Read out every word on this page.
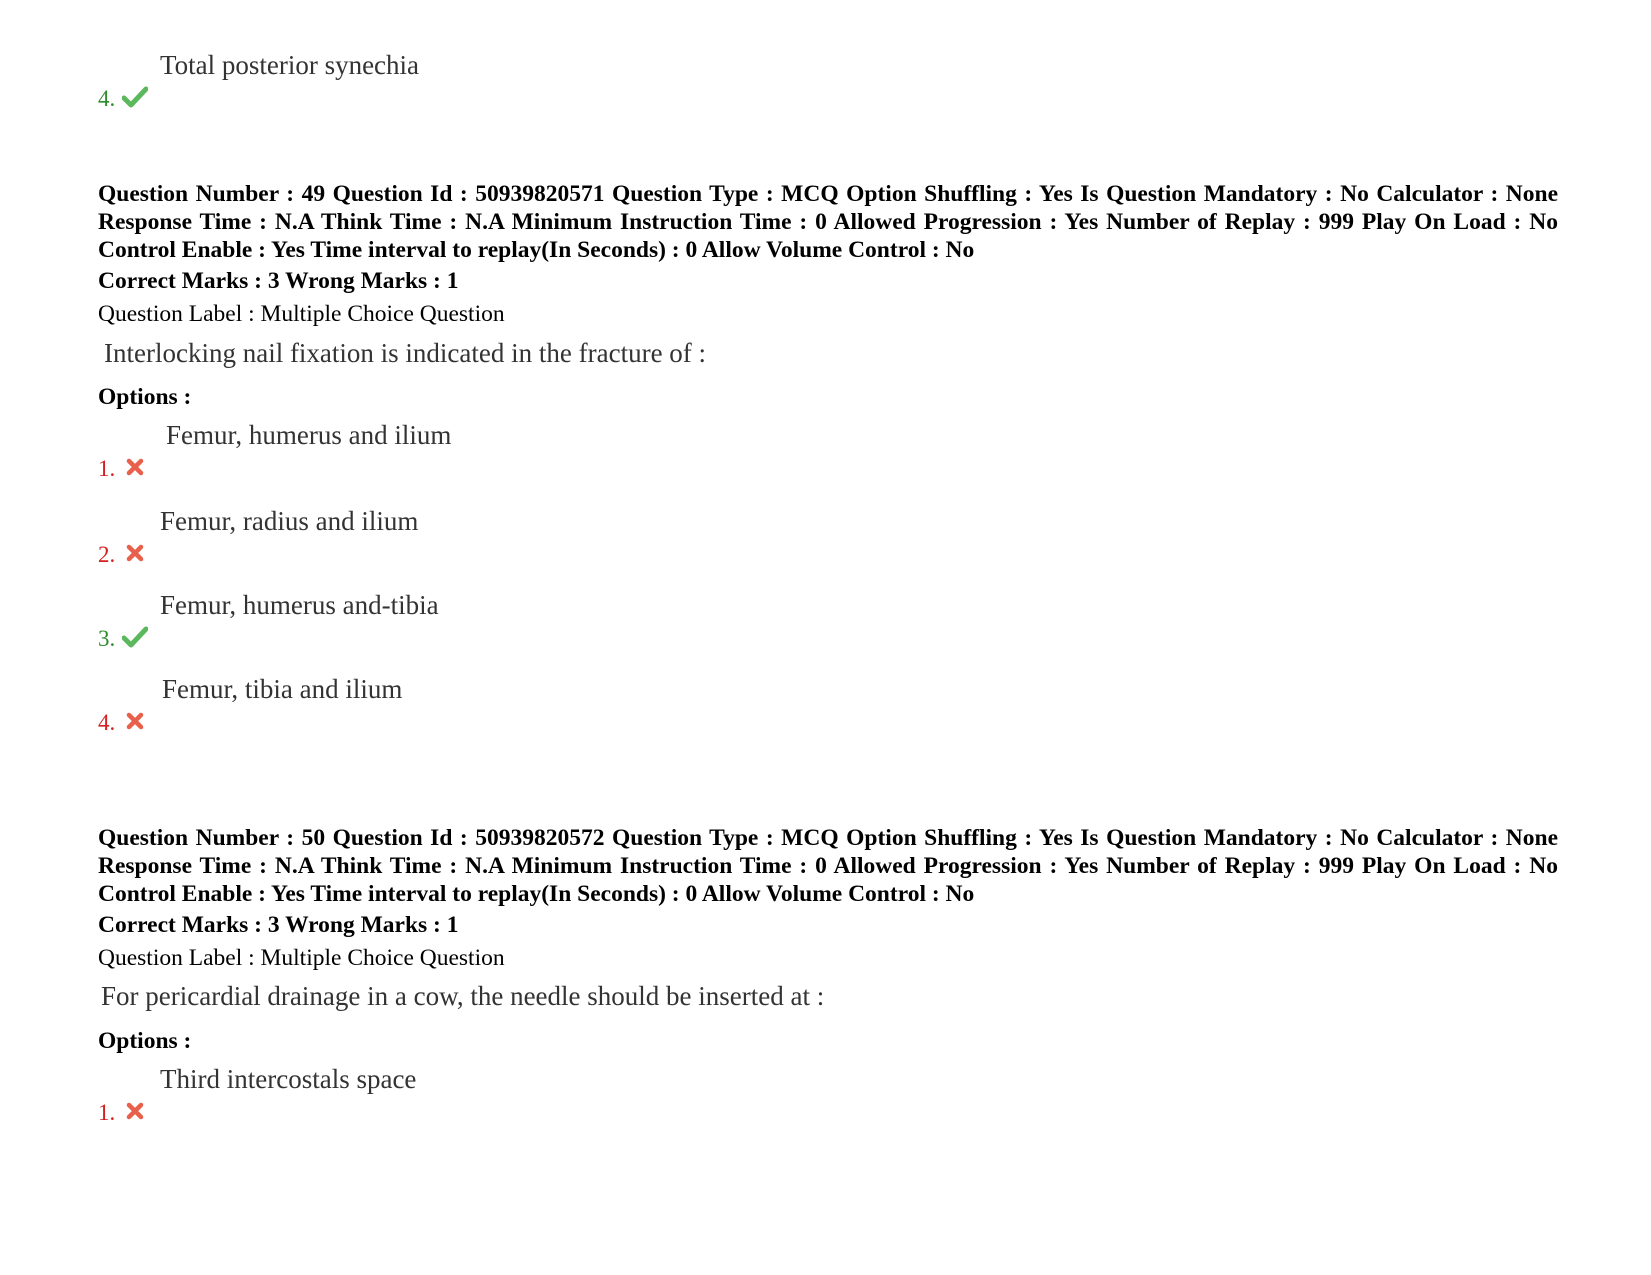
4.
Total posterior synechia
Question Number : 49 Question Id : 50939820571 Question Type : MCQ Option Shuffling : Yes Is Question Mandatory : No Calculator : None Response Time : N.A Think Time : N.A Minimum Instruction Time : 0 Allowed Progression : Yes Number of Replay : 999 Play On Load : No Control Enable : Yes Time interval to replay(In Seconds) : 0 Allow Volume Control : No
Correct Marks : 3 Wrong Marks : 1
Question Label : Multiple Choice Question
Interlocking nail fixation is indicated in the fracture of :
Options :
1.
Femur, humerus and ilium
2.
Femur, radius and ilium
3.
Femur, humerus and-tibia
4.
Femur, tibia and ilium
Question Number : 50 Question Id : 50939820572 Question Type : MCQ Option Shuffling : Yes Is Question Mandatory : No Calculator : None Response Time : N.A Think Time : N.A Minimum Instruction Time : 0 Allowed Progression : Yes Number of Replay : 999 Play On Load : No Control Enable : Yes Time interval to replay(In Seconds) : 0 Allow Volume Control : No
Correct Marks : 3 Wrong Marks : 1
Question Label : Multiple Choice Question
For pericardial drainage in a cow, the needle should be inserted at :
Options :
1.
Third intercostals space
